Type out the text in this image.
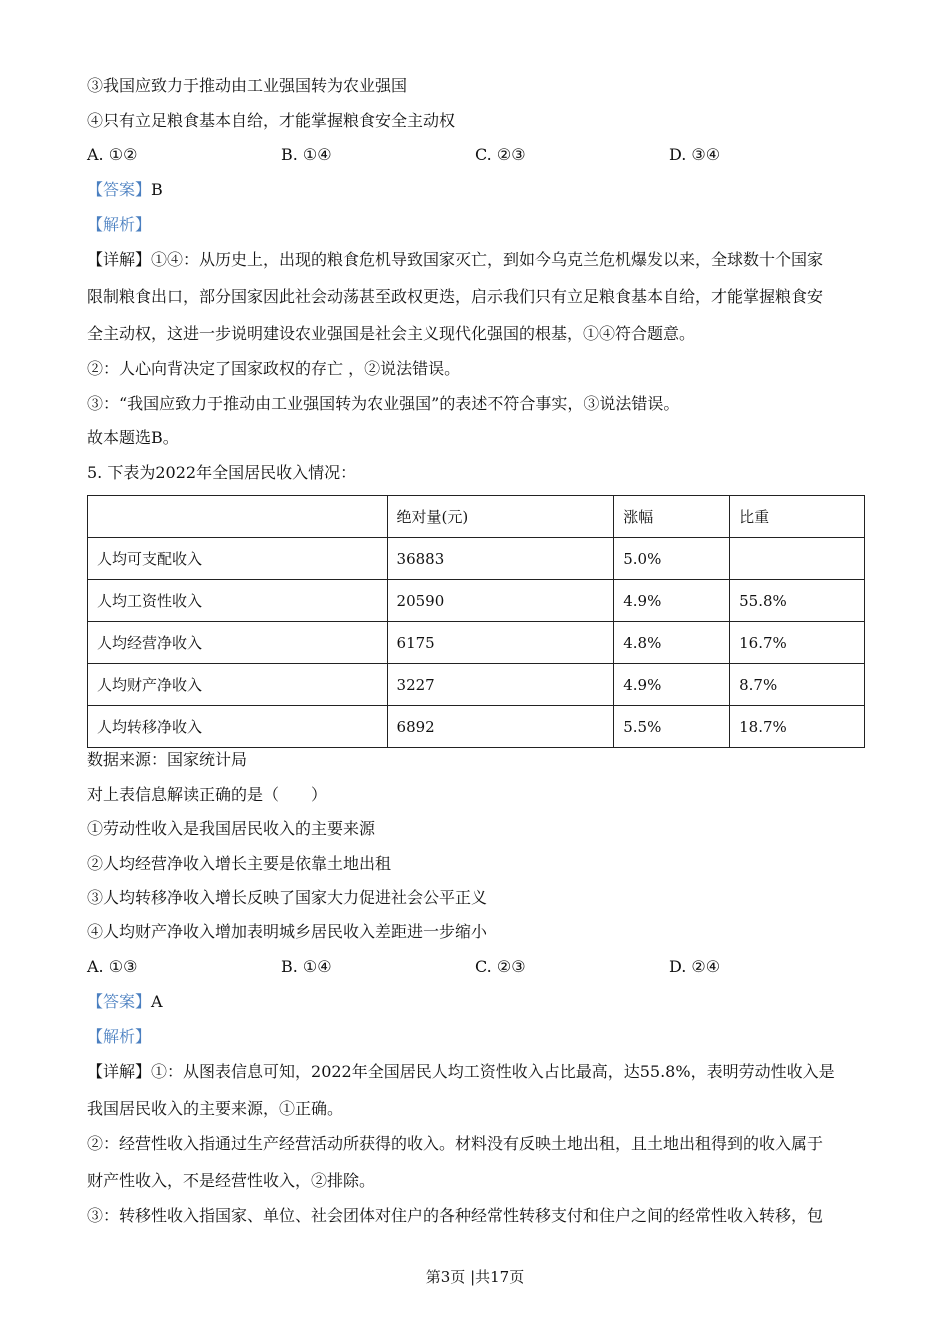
③我国应致力于推动由工业强国转为农业强国
④只有立足粮食基本自给，才能掌握粮食安全主动权
A. ①②	B. ①④	C. ②③	D. ③④
【答案】B
【解析】
【详解】①④：从历史上，出现的粮食危机导致国家灭亡，到如今乌克兰危机爆发以来，全球数十个国家
限制粮食出口，部分国家因此社会动荡甚至政权更迭，启示我们只有立足粮食基本自给，才能掌握粮食安
全主动权，这进一步说明建设农业强国是社会主义现代化强国的根基，①④符合题意。
②：人心向背决定了国家政权的存亡 ，②说法错误。
③：“我国应致力于推动由工业强国转为农业强国”的表述不符合事实，③说法错误。
故本题选B。
5. 下表为2022年全国居民收入情况：
	绝对量(元)	涨幅	比重
人均可支配收入	36883	5.0%	
人均工资性收入	20590	4.9%	55.8%
人均经营净收入	6175	4.8%	16.7%
人均财产净收入	3227	4.9%	8.7%
人均转移净收入	6892	5.5%	18.7%
数据来源：国家统计局
对上表信息解读正确的是（　　）
①劳动性收入是我国居民收入的主要来源
②人均经营净收入增长主要是依靠土地出租
③人均转移净收入增长反映了国家大力促进社会公平正义
④人均财产净收入增加表明城乡居民收入差距进一步缩小
A. ①③	B. ①④	C. ②③	D. ②④
【答案】A
【解析】
【详解】①：从图表信息可知，2022年全国居民人均工资性收入占比最高，达55.8%，表明劳动性收入是
我国居民收入的主要来源，①正确。
②：经营性收入指通过生产经营活动所获得的收入。材料没有反映土地出租，且土地出租得到的收入属于
财产性收入，不是经营性收入，②排除。
③：转移性收入指国家、单位、社会团体对住户的各种经常性转移支付和住户之间的经常性收入转移，包
第3页 |共17页
